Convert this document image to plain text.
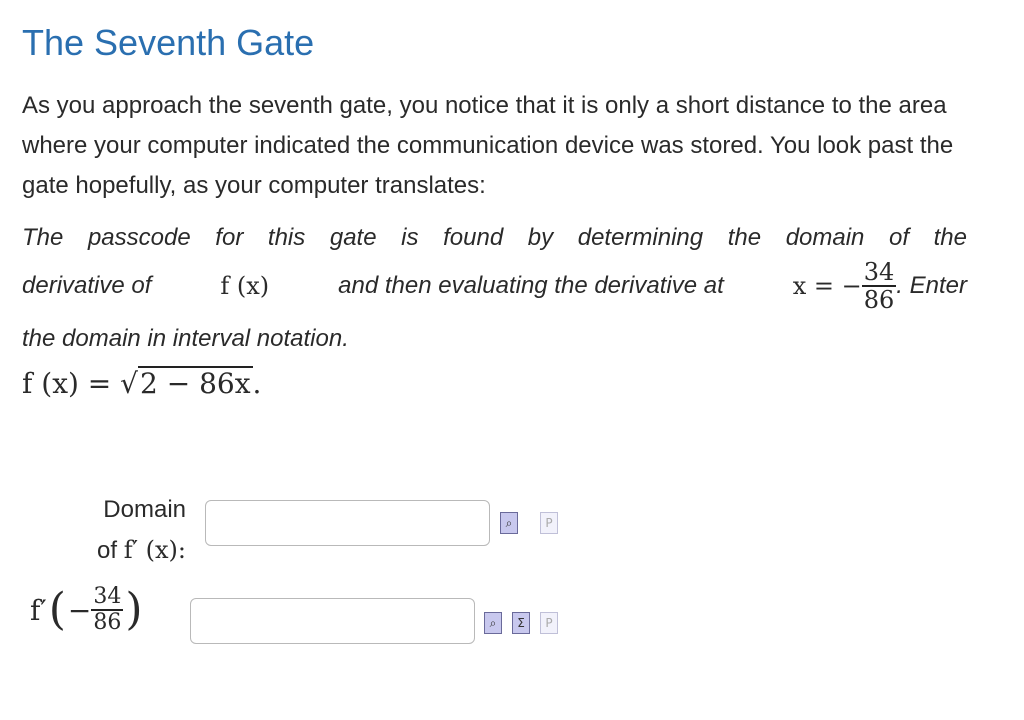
The Seventh Gate
As you approach the seventh gate, you notice that it is only a short distance to the area where your computer indicated the communication device was stored. You look past the gate hopefully, as your computer translates:
The passcode for this gate is found by determining the domain of the
derivative of	f (x)	and then evaluating the derivative at	x = − $\frac{34}{86}$ . Enter
the domain in interval notation.
f (x) = √2 − 86x.
Domain
of f′ (x):
⌕	P
f′ ( − $\frac{34}{86}$ )	⌕	Σ	P
